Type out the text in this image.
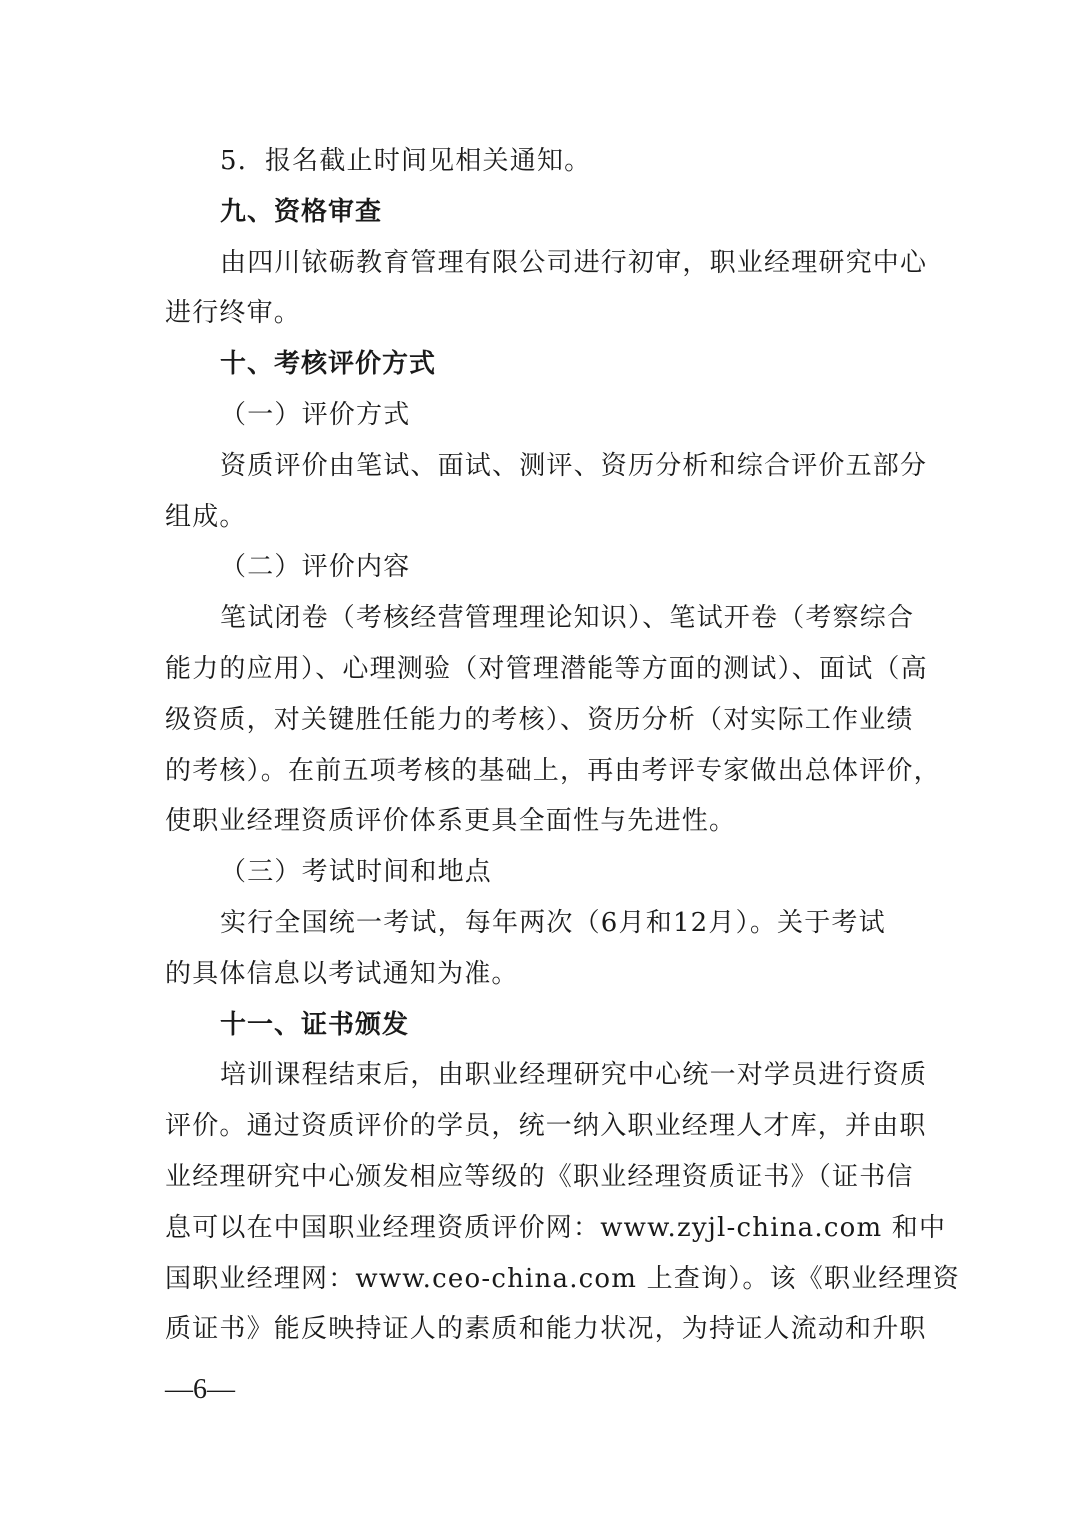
5．报名截止时间见相关通知。
九、资格审查
由四川铱砺教育管理有限公司进行初审，职业经理研究中心
进行终审。
十、考核评价方式
（一）评价方式
资质评价由笔试、面试、测评、资历分析和综合评价五部分
组成。
（二）评价内容
笔试闭卷（考核经营管理理论知识）、笔试开卷（考察综合
能力的应用）、心理测验（对管理潜能等方面的测试）、面试（高
级资质，对关键胜任能力的考核）、资历分析（对实际工作业绩
的考核）。在前五项考核的基础上，再由考评专家做出总体评价，
使职业经理资质评价体系更具全面性与先进性。
（三）考试时间和地点
实行全国统一考试，每年两次（6月和12月）。关于考试
的具体信息以考试通知为准。
十一、证书颁发
培训课程结束后，由职业经理研究中心统一对学员进行资质
评价。通过资质评价的学员，统一纳入职业经理人才库，并由职
业经理研究中心颁发相应等级的《职业经理资质证书》（证书信
息可以在中国职业经理资质评价网：www.zyjl-china.com 和中
国职业经理网：www.ceo-china.com 上查询）。该《职业经理资
质证书》能反映持证人的素质和能力状况，为持证人流动和升职
—6—
